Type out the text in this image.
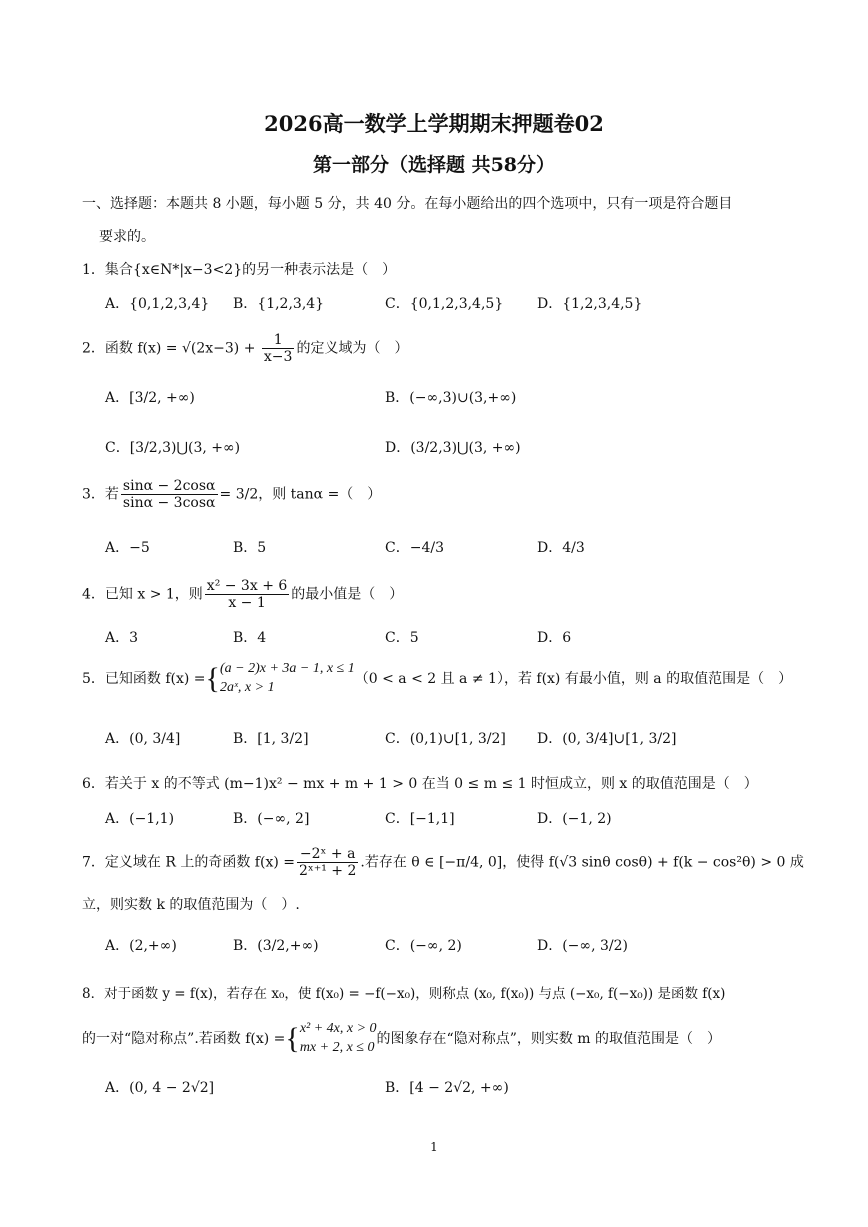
2026高一数学上学期期末押题卷02
第一部分（选择题 共58分）
一、选择题：本题共 8 小题，每小题 5 分，共 40 分。在每小题给出的四个选项中，只有一项是符合题目
要求的。
1．集合{x∈N*|x−3<2}的另一种表示法是（　）
A．{0,1,2,3,4} B．{1,2,3,4}	C．{0,1,2,3,4,5} D．{1,2,3,4,5}
2．函数 $f(x) = √(2x-3) + \frac{1}{x-3}$ 的定义域为（　）
A．[3/2, +∞)	B．(−∞,3)∪(3,+∞)
C．[3/2,3)⋃(3, +∞)	D．(3/2,3)⋃(3, +∞)
3．若 $\frac{\sin\alpha - 2\cos\alpha}{\sin\alpha - 3\cos\alpha} = 3/2$，则 tanα =（　）
A．−5	B．5	C．−4/3	D．4/3
4．已知 x > 1，则 $\frac{\text{x² − 3x + 6}}{x - 1}$ 的最小值是（　）
A．3	B．4	C．5	D．6
5．已知函数 f(x) ={ (a − 2)x + 3a − 1, x ≤ 1
2aˣ, x > 1
（0 < a < 2 且 a ≠ 1），若 f(x) 有最小值，则 a 的取值范围是（　）
A．(0, 3/4]	B．[1, 3/2]	C．(0,1)∪[1, 3/2] D．(0, 3/4]∪[1, 3/2]
6．若关于 x 的不等式 (m−1)x² − mx + m + 1 > 0 在当 0 ≤ m ≤ 1 时恒成立，则 x 的取值范围是（　）
A．(−1,1)	B．(−∞, 2]	C．[−1,1]	D．(−1, 2)
7．定义域在 R 上的奇函数 $f(x) = \frac{\text{−2ˣ + a}}{\text{2ˣ⁺¹ + 2}}$ .若存在 θ ∈ [−π/4, 0]，使得 f(√3 sinθ cosθ) + f(k − cos²θ) > 0 成
立，则实数 k 的取值范围为（　）.
A．(2,+∞)	B．(3/2,+∞)	C．(−∞, 2)	D．(−∞, 3/2)
8．对于函数 y = f(x)，若存在 x₀，使 f(x₀) = −f(−x₀)，则称点 (x₀, f(x₀)) 与点 (−x₀, f(−x₀)) 是函数 f(x)
的一对“隐对称点”.若函数 f(x) ={ x² + 4x, x > 0
mx + 2, x ≤ 0
的图象存在“隐对称点”，则实数 m 的取值范围是（　）
A．(0, 4 − 2√2]	B．[4 − 2√2, +∞)
1
